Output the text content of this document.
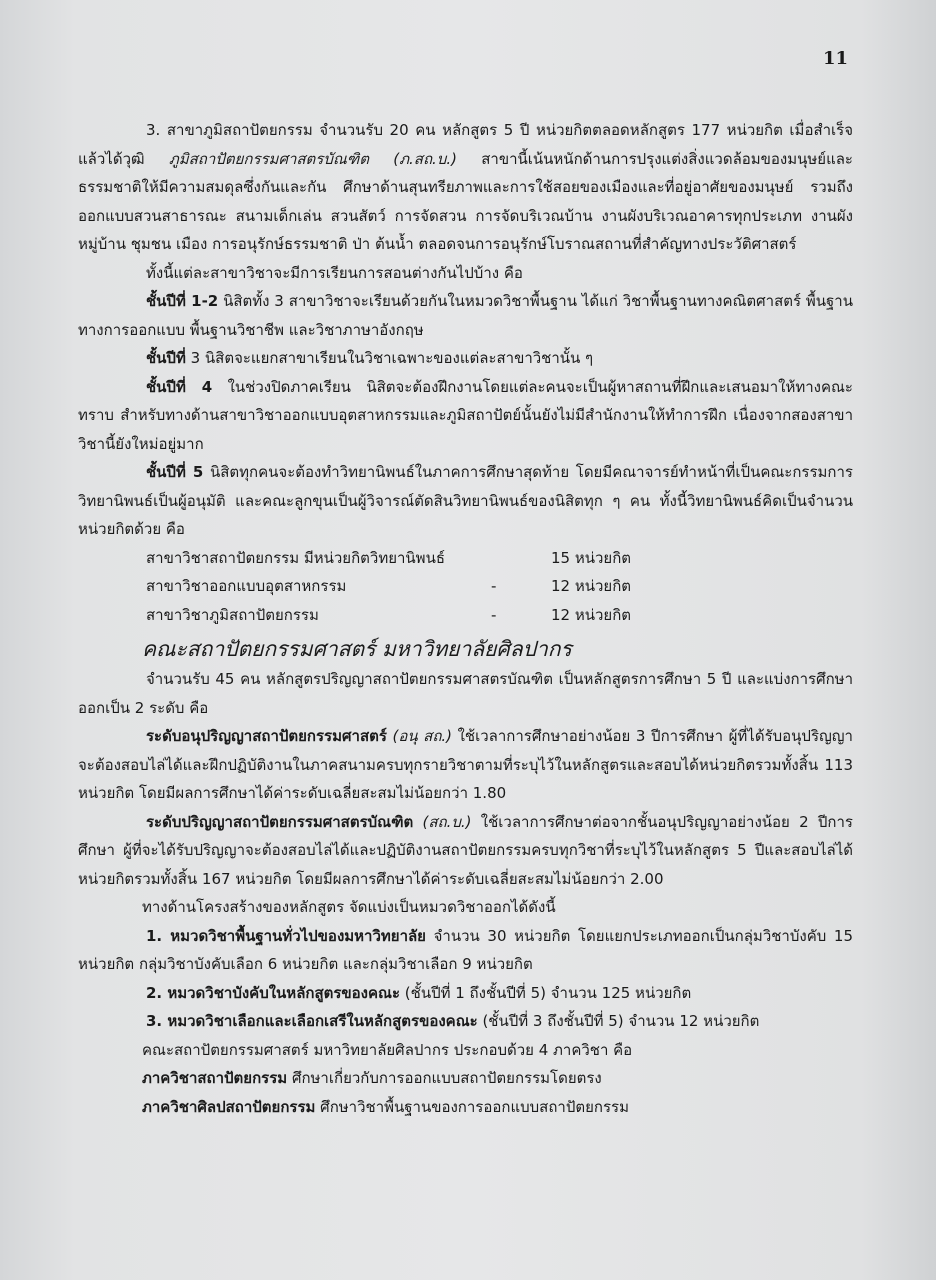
11

3. สาขาภูมิสถาปัตยกรรม จำนวนรับ 20 คน หลักสูตร 5 ปี หน่วยกิตตลอดหลักสูตร 177 หน่วยกิต เมื่อสำเร็จแล้วได้วุฒิ ภูมิสถาปัตยกรรมศาสตรบัณฑิต (ภ.สถ.บ.) สาขานี้เน้นหนักด้านการปรุงแต่งสิ่งแวดล้อมของมนุษย์และธรรมชาติให้มีความสมดุลซึ่งกันและกัน ศึกษาด้านสุนทรียภาพและการใช้สอยของเมืองและที่อยู่อาศัยของมนุษย์ รวมถึงออกแบบสวนสาธารณะ สนามเด็กเล่น สวนสัตว์ การจัดสวน การจัดบริเวณบ้าน งานผังบริเวณอาคารทุกประเภท งานผังหมู่บ้าน ชุมชน เมือง การอนุรักษ์ธรรมชาติ ป่า ต้นน้ำ ตลอดจนการอนุรักษ์โบราณสถานที่สำคัญทางประวัติศาสตร์

ทั้งนี้แต่ละสาขาวิชาจะมีการเรียนการสอนต่างกันไปบ้าง คือ

ชั้นปีที่ 1-2 นิสิตทั้ง 3 สาขาวิชาจะเรียนด้วยกันในหมวดวิชาพื้นฐาน ได้แก่ วิชาพื้นฐานทางคณิตศาสตร์ พื้นฐานทางการออกแบบ พื้นฐานวิชาชีพ และวิชาภาษาอังกฤษ

ชั้นปีที่ 3 นิสิตจะแยกสาขาเรียนในวิชาเฉพาะของแต่ละสาขาวิชานั้น ๆ

ชั้นปีที่ 4 ในช่วงปิดภาคเรียน นิสิตจะต้องฝึกงานโดยแต่ละคนจะเป็นผู้หาสถานที่ฝึกและเสนอมาให้ทางคณะทราบ สำหรับทางด้านสาขาวิชาออกแบบอุตสาหกรรมและภูมิสถาปัตย์นั้นยังไม่มีสำนักงานให้ทำการฝึก เนื่องจากสองสาขาวิชานี้ยังใหม่อยู่มาก

ชั้นปีที่ 5 นิสิตทุกคนจะต้องทำวิทยานิพนธ์ในภาคการศึกษาสุดท้าย โดยมีคณาจารย์ทำหน้าที่เป็นคณะกรรมการวิทยานิพนธ์เป็นผู้อนุมัติ และคณะลูกขุนเป็นผู้วิจารณ์ตัดสินวิทยานิพนธ์ของนิสิตทุก ๆ คน ทั้งนี้วิทยานิพนธ์คิดเป็นจำนวนหน่วยกิตด้วย คือ

สาขาวิชาสถาปัตยกรรม มีหน่วยกิตวิทยานิพนธ์	15 หน่วยกิต
สาขาวิชาออกแบบอุตสาหกรรม	-	12 หน่วยกิต
สาขาวิชาภูมิสถาปัตยกรรม	-	12 หน่วยกิต

คณะสถาปัตยกรรมศาสตร์ มหาวิทยาลัยศิลปากร

จำนวนรับ 45 คน หลักสูตรปริญญาสถาปัตยกรรมศาสตรบัณฑิต เป็นหลักสูตรการศึกษา 5 ปี และแบ่งการศึกษาออกเป็น 2 ระดับ คือ

ระดับอนุปริญญาสถาปัตยกรรมศาสตร์ (อนุ สถ.) ใช้เวลาการศึกษาอย่างน้อย 3 ปีการศึกษา ผู้ที่ได้รับอนุปริญญาจะต้องสอบไล่ได้และฝึกปฏิบัติงานในภาคสนามครบทุกรายวิชาตามที่ระบุไว้ในหลักสูตรและสอบได้หน่วยกิตรวมทั้งสิ้น 113 หน่วยกิต โดยมีผลการศึกษาได้ค่าระดับเฉลี่ยสะสมไม่น้อยกว่า 1.80

ระดับปริญญาสถาปัตยกรรมศาสตรบัณฑิต (สถ.บ.) ใช้เวลาการศึกษาต่อจากชั้นอนุปริญญาอย่างน้อย 2 ปีการศึกษา ผู้ที่จะได้รับปริญญาจะต้องสอบไล่ได้และปฏิบัติงานสถาปัตยกรรมครบทุกวิชาที่ระบุไว้ในหลักสูตร 5 ปีและสอบไล่ได้หน่วยกิตรวมทั้งสิ้น 167 หน่วยกิต โดยมีผลการศึกษาได้ค่าระดับเฉลี่ยสะสมไม่น้อยกว่า 2.00

ทางด้านโครงสร้างของหลักสูตร จัดแบ่งเป็นหมวดวิชาออกได้ดังนี้

1. หมวดวิชาพื้นฐานทั่วไปของมหาวิทยาลัย จำนวน 30 หน่วยกิต โดยแยกประเภทออกเป็นกลุ่มวิชาบังคับ 15 หน่วยกิต กลุ่มวิชาบังคับเลือก 6 หน่วยกิต และกลุ่มวิชาเลือก 9 หน่วยกิต

2. หมวดวิชาบังคับในหลักสูตรของคณะ (ชั้นปีที่ 1 ถึงชั้นปีที่ 5) จำนวน 125 หน่วยกิต

3. หมวดวิชาเลือกและเลือกเสรีในหลักสูตรของคณะ (ชั้นปีที่ 3 ถึงชั้นปีที่ 5) จำนวน 12 หน่วยกิต

คณะสถาปัตยกรรมศาสตร์ มหาวิทยาลัยศิลปากร ประกอบด้วย 4 ภาควิชา คือ

ภาควิชาสถาปัตยกรรม ศึกษาเกี่ยวกับการออกแบบสถาปัตยกรรมโดยตรง

ภาควิชาศิลปสถาปัตยกรรม ศึกษาวิชาพื้นฐานของการออกแบบสถาปัตยกรรม
